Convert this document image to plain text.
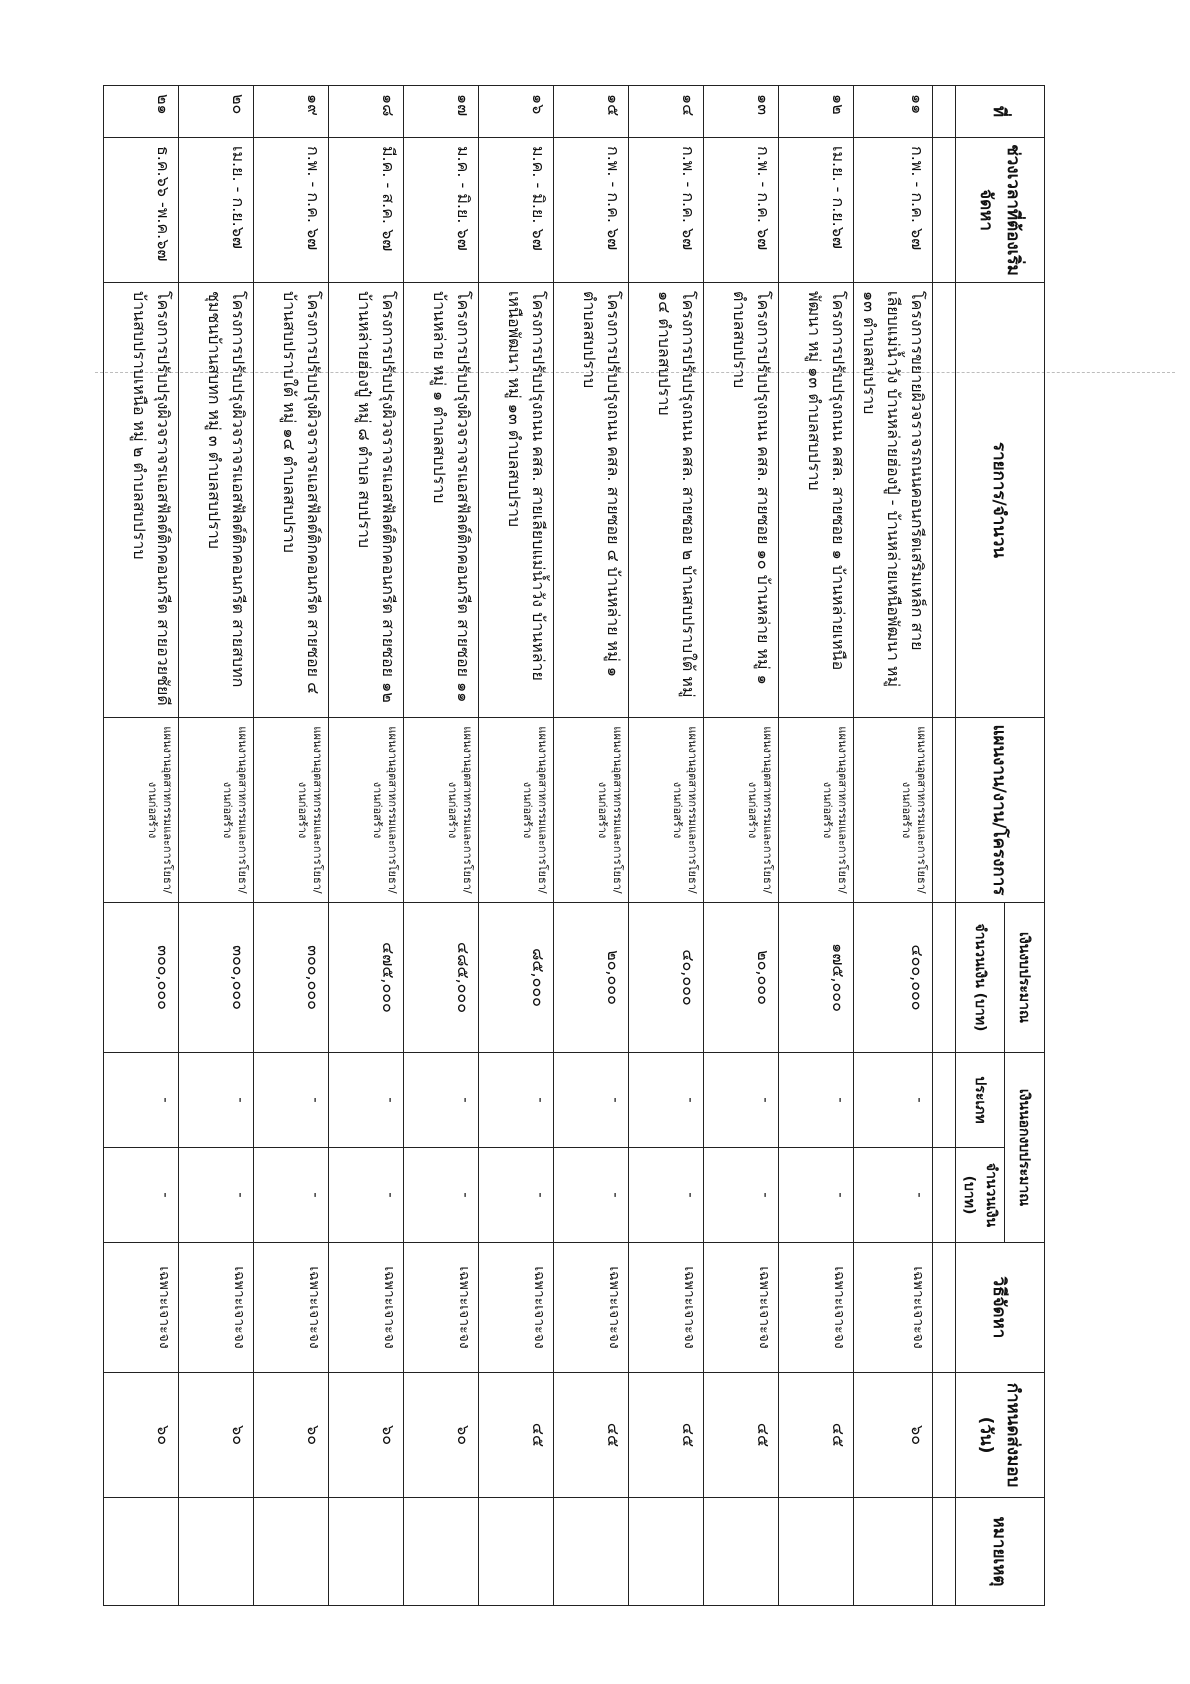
ที่	ช่วงเวลาที่ต้องเริ่มจัดหา	รายการ/จำนวน	แผนงาน/งาน/โครงการ	เงินงบประมาณ	เงินนอกงบประมาณ		วิธีจัดหา	กำหนดส่งมอบ (วัน)	หมายเหตุ
				จำนวนเงิน (บาท)	ประเภท	จำนวนเงิน (บาท)			

๑๑	ก.พ. - ก.ค. ๖๗	โครงการขยายผิวจราจรถนนคอนกรีตเสริมเหล็ก สายเลียบแม่น้ำวัง บ้านหล่ายฮ่องปู๋ - บ้านหล่ายเหนือพัฒนา หมู่ ๑๓ ตำบลสบปราบ	แผนงานอุตสาหกรรมและการโยธา/งานก่อสร้าง	๔๐๐,๐๐๐	-	-	เฉพาะเจาะจง	๖๐	
๑๒	เม.ย. - ก.ย.๖๗	โครงการปรับปรุงถนน คสล. สายซอย ๑ บ้านหล่ายเหนือพัฒนา หมู่ ๑๓ ตำบลสบปราบ	แผนงานอุตสาหกรรมและการโยธา/งานก่อสร้าง	๑๗๕,๐๐๐	-	-	เฉพาะเจาะจง	๔๕	
๑๓	ก.พ. - ก.ค. ๖๗	โครงการปรับปรุงถนน คสล. สายซอย ๑๐ บ้านหล่าย หมู่ ๑ ตำบลสบปราบ	แผนงานอุตสาหกรรมและการโยธา/งานก่อสร้าง	๒๐,๐๐๐	-	-	เฉพาะเจาะจง	๔๕	
๑๔	ก.พ. - ก.ค. ๖๗	โครงการปรับปรุงถนน คสล. สายซอย ๒ บ้านสบปราบใต้ หมู่ ๑๔ ตำบลสบปราบ	แผนงานอุตสาหกรรมและการโยธา/งานก่อสร้าง	๔๐,๐๐๐	-	-	เฉพาะเจาะจง	๔๕	
๑๕	ก.พ. - ก.ค. ๖๗	โครงการปรับปรุงถนน คสล. สายซอย ๔ บ้านหล่าย หมู่ ๑ ตำบลสบปราบ	แผนงานอุตสาหกรรมและการโยธา/งานก่อสร้าง	๒๐,๐๐๐	-	-	เฉพาะเจาะจง	๔๕	
๑๖	ม.ค. - มิ.ย. ๖๗	โครงการปรับปรุงถนน คสล. สายเลียบแม่น้ำวัง บ้านหล่ายเหนือพัฒนา หมู่ ๑๓ ตำบลสบปราบ	แผนงานอุตสาหกรรมและการโยธา/งานก่อสร้าง	๘๕,๐๐๐	-	-	เฉพาะเจาะจง	๔๕	
๑๗	ม.ค. - มิ.ย. ๖๗	โครงการปรับปรุงผิวจราจรแอสฟัลต์ติกคอนกรีต สายซอย ๑๑ บ้านหล่าย หมู่ ๑ ตำบลสบปราบ	แผนงานอุตสาหกรรมและการโยธา/งานก่อสร้าง	๔๘๕,๐๐๐	-	-	เฉพาะเจาะจง	๖๐	
๑๘	มี.ค. - ส.ค. ๖๗	โครงการปรับปรุงผิวจราจรแอสฟัลต์ติกคอนกรีต สายซอย ๑๒ บ้านหล่ายฮ่องปู๋ หมู่ ๘ ตำบล สบปราบ	แผนงานอุตสาหกรรมและการโยธา/งานก่อสร้าง	๔๗๕,๐๐๐	-	-	เฉพาะเจาะจง	๖๐	
๑๙	ก.พ. - ก.ค. ๖๗	โครงการปรับปรุงผิวจราจรแอสฟัลต์ติกคอนกรีต สายซอย ๔ บ้านสบปราบใต้ หมู่ ๑๔ ตำบลสบปราบ	แผนงานอุตสาหกรรมและการโยธา/งานก่อสร้าง	๓๐๐,๐๐๐	-	-	เฉพาะเจาะจง	๖๐	
๒๐	เม.ย. - ก.ย.๖๗	โครงการปรับปรุงผิวจราจรแอสฟัลต์ติกคอนกรีต สายสบทก ชุมชนบ้านสบทก หมู่ ๓ ตำบลสบปราบ	แผนงานอุตสาหกรรมและการโยธา/งานก่อสร้าง	๓๐๐,๐๐๐	-	-	เฉพาะเจาะจง	๖๐	
๒๑	ธ.ค.๖๖ -พ.ค.๖๗	โครงการปรับปรุงผิวจราจรแอสฟัลต์ติกคอนกรีต สายอวยชัยดี บ้านสบปราบเหนือ หมู่ ๒ ตำบลสบปราบ	แผนงานอุตสาหกรรมและการโยธา/งานก่อสร้าง	๓๐๐,๐๐๐	-	-	เฉพาะเจาะจง	๖๐	
